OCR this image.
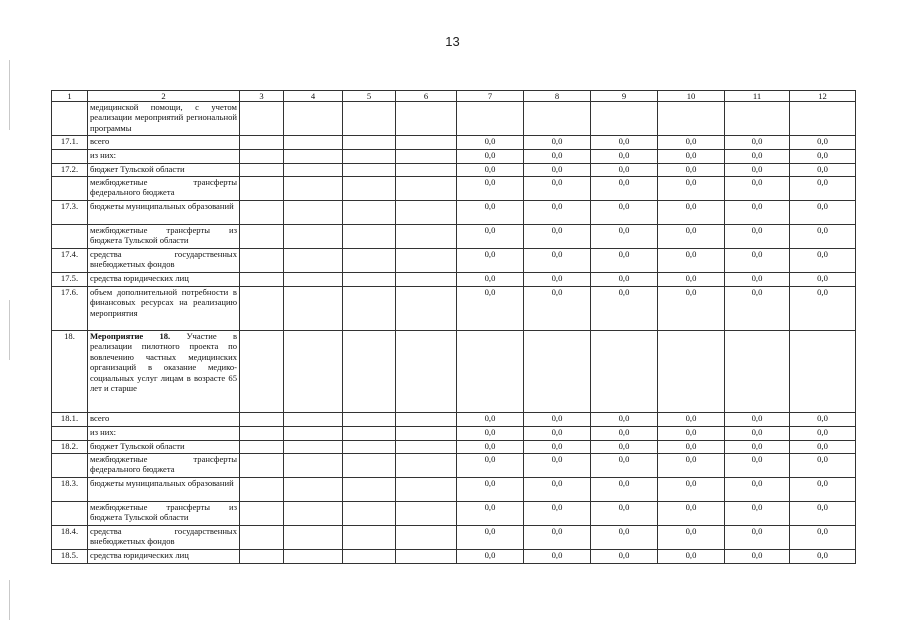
13
1	2	3	4	5	6	7	8	9	10	11	12
	медицинской помощи, с учетом реализации мероприятий региональной программы										
17.1.	всего					0,0	0,0	0,0	0,0	0,0	0,0
	из них:					0,0	0,0	0,0	0,0	0,0	0,0
17.2.	бюджет Тульской области					0,0	0,0	0,0	0,0	0,0	0,0
	межбюджетные трансферты федерального бюджета					0,0	0,0	0,0	0,0	0,0	0,0
17.3.	бюджеты муниципальных образований					0,0	0,0	0,0	0,0	0,0	0,0
	межбюджетные трансферты из бюджета Тульской области					0,0	0,0	0,0	0,0	0,0	0,0
17.4.	средства государственных внебюджетных фондов					0,0	0,0	0,0	0,0	0,0	0,0
17.5.	средства юридических лиц					0,0	0,0	0,0	0,0	0,0	0,0
17.6.	объем дополнительной потребности в финансовых ресурсах на реализацию мероприятия					0,0	0,0	0,0	0,0	0,0	0,0
18.	Мероприятие 18. Участие в реализации пилотного проекта по вовлечению частных медицинских организаций в оказание медико-социальных услуг лицам в возрасте 65 лет и старше										
18.1.	всего					0,0	0,0	0,0	0,0	0,0	0,0
	из них:					0,0	0,0	0,0	0,0	0,0	0,0
18.2.	бюджет Тульской области					0,0	0,0	0,0	0,0	0,0	0,0
	межбюджетные трансферты федерального бюджета					0,0	0,0	0,0	0,0	0,0	0,0
18.3.	бюджеты муниципальных образований					0,0	0,0	0,0	0,0	0,0	0,0
	межбюджетные трансферты из бюджета Тульской области					0,0	0,0	0,0	0,0	0,0	0,0
18.4.	средства государственных внебюджетных фондов					0,0	0,0	0,0	0,0	0,0	0,0
18.5.	средства юридических лиц					0,0	0,0	0,0	0,0	0,0	0,0
